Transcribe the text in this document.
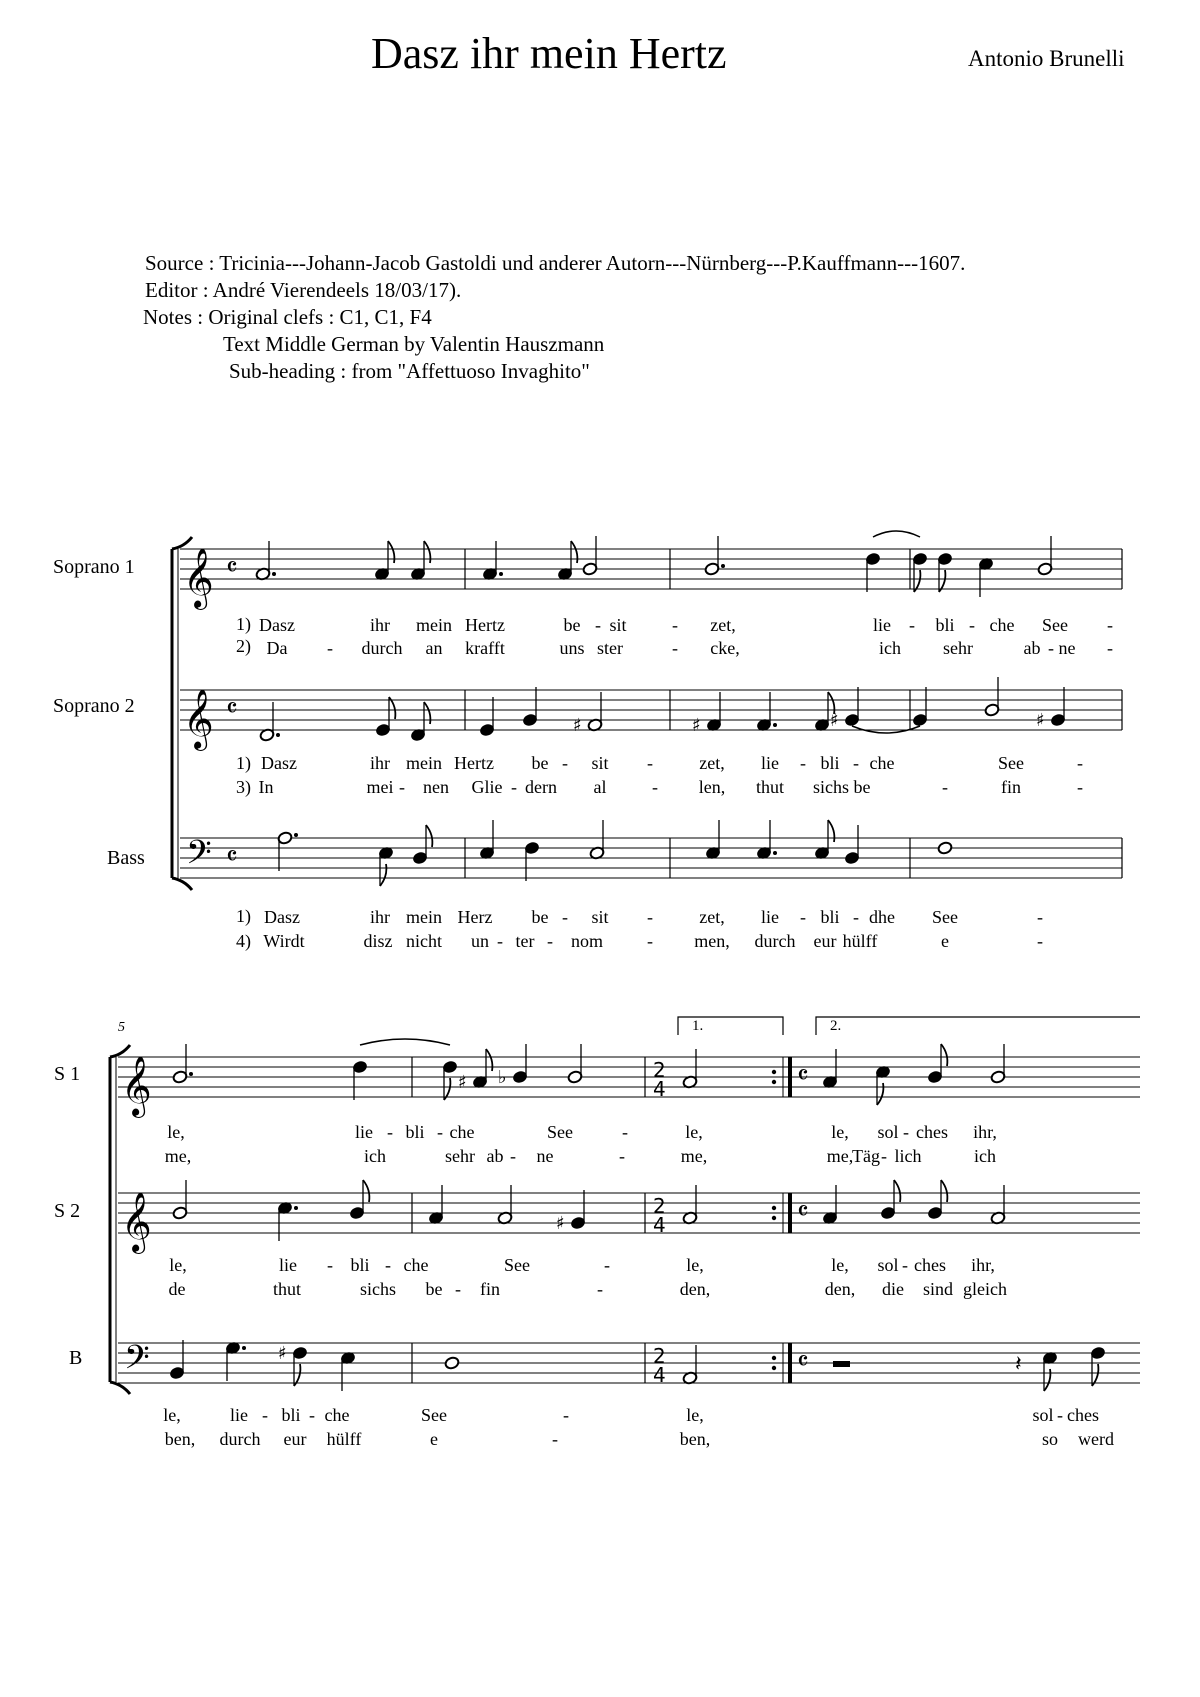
Dasz ihr mein Hertz	Antonio Brunelli
Source : Tricinia---Johann-Jacob Gastoldi und anderer Autorn---Nürnberg---P.Kauffmann---1607.
Editor : André Vierendeels 18/03/17).
Notes : Original clefs : C1, C1, F4
Text Middle German by Valentin Hauszmann
Sub-heading : from "Affettuoso Invaghito"
Soprano 1
Soprano 2
Bass
S 1
S 2
B
5	1.	2.
𝄞
𝄞
𝄢
𝄴
𝄴
𝄴
♯	♯	♯	♯
𝄞
𝄞
𝄢
2
4	𝄴
2
4	𝄴
2
4	𝄴
♯ ♭
♯
♯	𝄽
1)
2)
1)
3)
1)
4)
Dasz	ihr mein Hertz	be - sit	- zet,	lie - bli - che See -
Da - durch an krafft	uns ster	- cke,	ich sehr	ab - ne -
Dasz	ihr mein Hertz be - sit -	zet, lie - bli - che	See	-
In	mei - nen Glie - dern al	- len, thut sichs be	-	fin	-
Dasz	ihr mein Herz be - sit -	zet, lie - bli - dhe See	-
Wirdt	disz nicht un - ter - nom - men, durch eur hülff	e	-
le,	lie - bli - che	See	-	le,	le, sol - ches ihr,
me,	ich	sehr ab - ne	-	me,	me,
Täg - lich	ich
le,	lie - bli - che	See	-	le,	le, sol - ches ihr,
de	thut	sichs be - fin	-	den,	den, die sind gleich
le,	lie - bli - che	See	-	le,	sol - ches
ben, durch eur hülff	e	-	ben,	so werd
